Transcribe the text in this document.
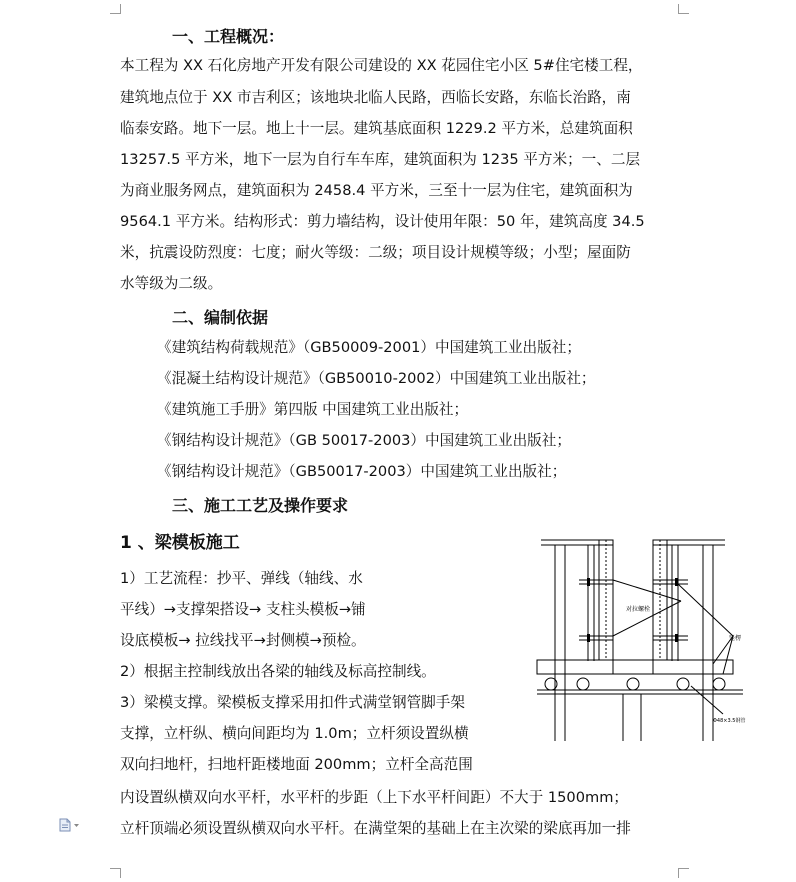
一、工程概况：
本工程为 XX 石化房地产开发有限公司建设的 XX 花园住宅小区 5#住宅楼工程，
建筑地点位于 XX 市吉利区；该地块北临人民路，西临长安路，东临长治路，南
临泰安路。地下一层。地上十一层。建筑基底面积 1229.2 平方米，总建筑面积
13257.5 平方米，地下一层为自行车车库，建筑面积为 1235 平方米；一、二层
为商业服务网点，建筑面积为 2458.4 平方米，三至十一层为住宅，建筑面积为
9564.1 平方米。结构形式：剪力墙结构，设计使用年限：50 年，建筑高度 34.5
米，抗震设防烈度：七度；耐火等级：二级；项目设计规模等级；小型；屋面防
水等级为二级。
二、编制依据
《建筑结构荷载规范》（GB50009-2001）中国建筑工业出版社；
《混凝土结构设计规范》（GB50010-2002）中国建筑工业出版社；
《建筑施工手册》第四版 中国建筑工业出版社；
《钢结构设计规范》（GB 50017-2003）中国建筑工业出版社；
《钢结构设计规范》（GB50017-2003）中国建筑工业出版社；
三、施工工艺及操作要求
1 、梁模板施工
1）工艺流程：抄平、弹线（轴线、水
平线）→支撑架搭设→ 支柱头模板→铺
设底模板→ 拉线找平→封侧模→预检。
2）根据主控制线放出各梁的轴线及标高控制线。
3）梁模支撑。梁模板支撑采用扣件式满堂钢管脚手架
支撑，立杆纵、横向间距均为 1.0m；立杆须设置纵横
双向扫地杆，扫地杆距楼地面 200mm；立杆全高范围
内设置纵横双向水平杆，水平杆的步距（上下水平杆间距）不大于 1500mm；
立杆顶端必须设置纵横双向水平杆。在满堂架的基础上在主次梁的梁底再加一排
对拉螺栓
竖楞
Φ48×3.5钢管
